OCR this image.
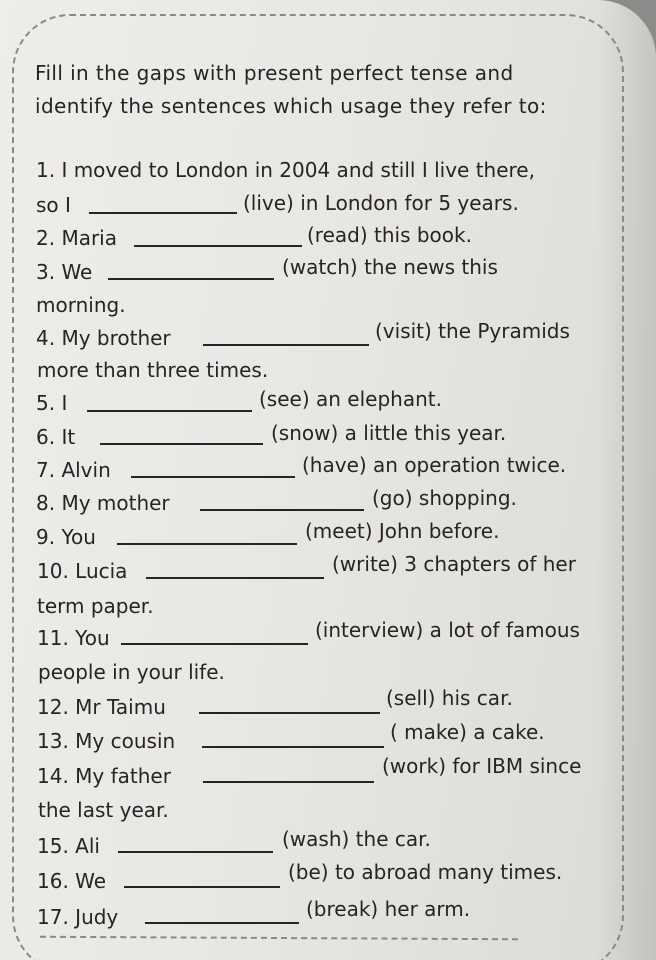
Fill in the gaps with present perfect tense and
identify the sentences which usage they refer to:
1. I moved to London in 2004 and still I live there,
so I	(live) in London for 5 years.
2. Maria	(read) this book.
3. We	(watch) the news this
morning.
4. My brother	(visit) the Pyramids
more than three times.
5. I	(see) an elephant.
6. It	(snow) a little this year.
7. Alvin	(have) an operation twice.
8. My mother	(go) shopping.
9. You	(meet) John before.
10. Lucia	(write) 3 chapters of her
term paper.
11. You	(interview) a lot of famous
people in your life.
12. Mr Taimu	(sell) his car.
13. My cousin	( make) a cake.
14. My father	(work) for IBM since
the last year.
15. Ali	(wash) the car.
16. We	(be) to abroad many times.
17. Judy	(break) her arm.
